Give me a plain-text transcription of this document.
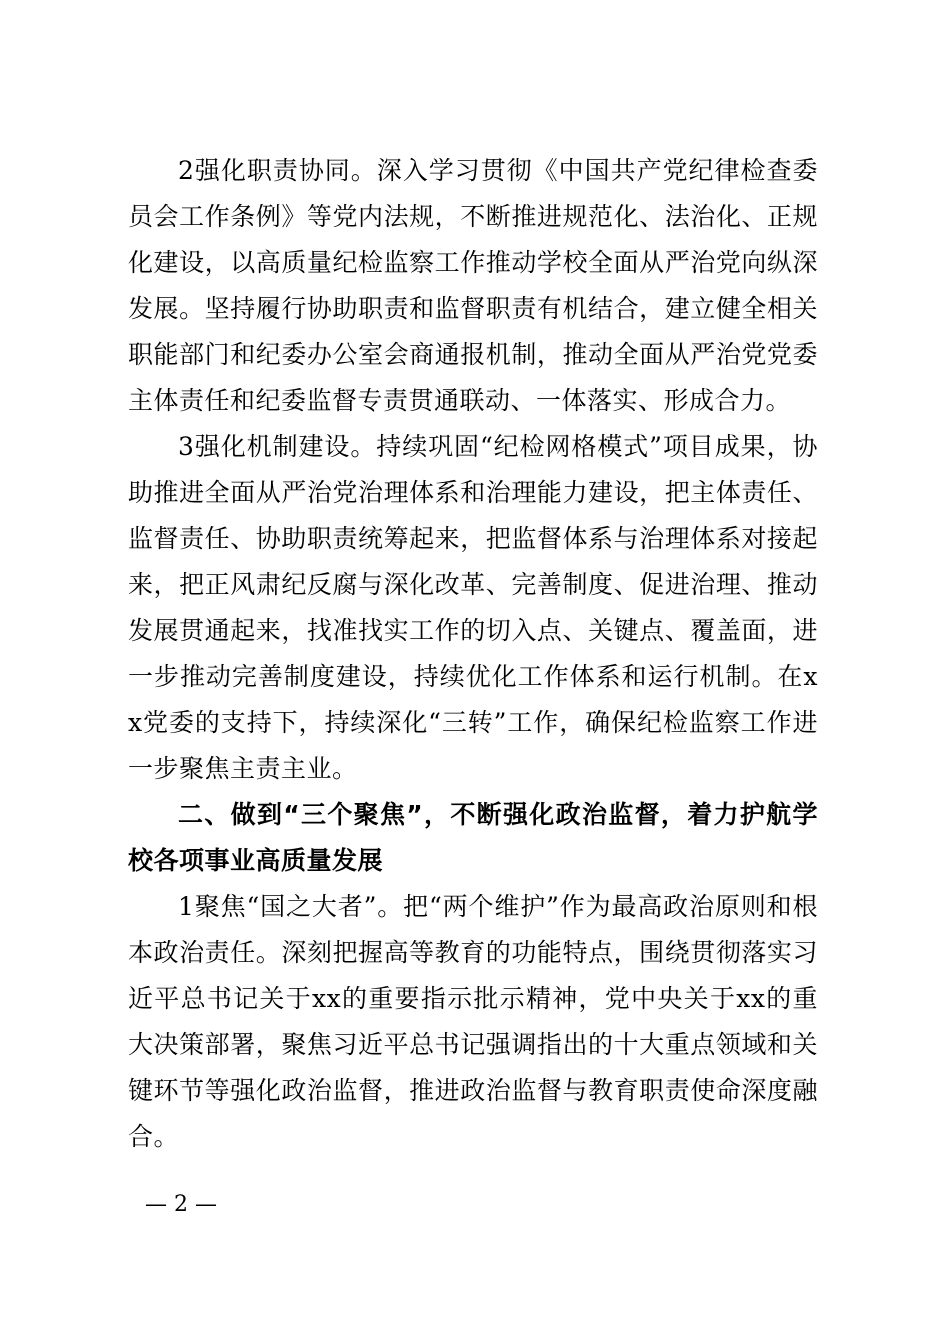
2强化职责协同。深入学习贯彻《中国共产党纪律检查委员会工作条例》等党内法规，不断推进规范化、法治化、正规化建设，以高质量纪检监察工作推动学校全面从严治党向纵深发展。坚持履行协助职责和监督职责有机结合，建立健全相关职能部门和纪委办公室会商通报机制，推动全面从严治党党委主体责任和纪委监督专责贯通联动、一体落实、形成合力。

3强化机制建设。持续巩固“纪检网格模式”项目成果，协助推进全面从严治党治理体系和治理能力建设，把主体责任、监督责任、协助职责统筹起来，把监督体系与治理体系对接起来，把正风肃纪反腐与深化改革、完善制度、促进治理、推动发展贯通起来，找准找实工作的切入点、关键点、覆盖面，进一步推动完善制度建设，持续优化工作体系和运行机制。在xx党委的支持下，持续深化“三转”工作，确保纪检监察工作进一步聚焦主责主业。

二、做到“三个聚焦”，不断强化政治监督，着力护航学校各项事业高质量发展

1聚焦“国之大者”。把“两个维护”作为最高政治原则和根本政治责任。深刻把握高等教育的功能特点，围绕贯彻落实习近平总书记关于xx的重要指示批示精神，党中央关于xx的重大决策部署，聚焦习近平总书记强调指出的十大重点领域和关键环节等强化政治监督，推进政治监督与教育职责使命深度融合。

— 2 —
